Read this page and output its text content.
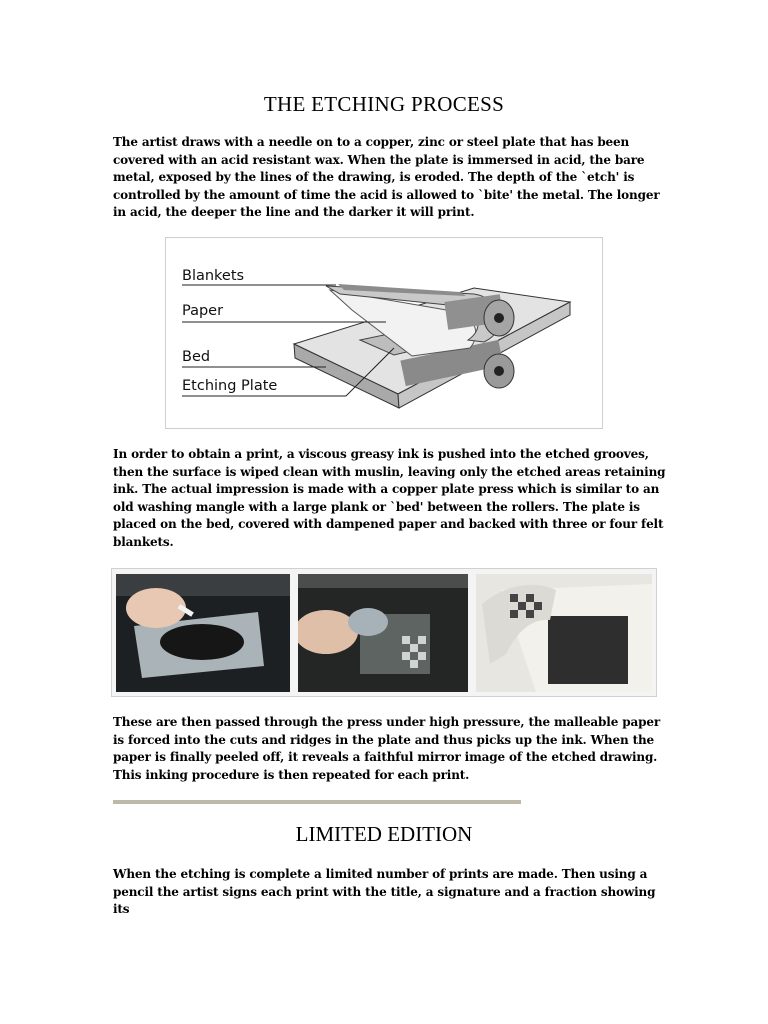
THE ETCHING PROCESS

The artist draws with a needle on to a copper, zinc or steel plate that has been covered with an acid resistant wax. When the plate is immersed in acid, the bare metal, exposed by the lines of the drawing, is eroded. The depth of the `etch' is controlled by the amount of time the acid is allowed to `bite' the metal. The longer in acid, the deeper the line and the darker it will print.

Blankets
Paper
Bed
Etching Plate

In order to obtain a print, a viscous greasy ink is pushed into the etched grooves, then the surface is wiped clean with muslin, leaving only the etched areas retaining ink. The actual impression is made with a copper plate press which is similar to an old washing mangle with a large plank or `bed' between the rollers. The plate is placed on the bed, covered with dampened paper and backed with three or four felt blankets.

These are then passed through the press under high pressure, the malleable paper is forced into the cuts and ridges in the plate and thus picks up the ink. When the paper is finally peeled off, it reveals a faithful mirror image of the etched drawing. This inking procedure is then repeated for each print.

LIMITED EDITION

When the etching is complete a limited number of prints are made. Then using a pencil the artist signs each print with the title, a signature and a fraction showing its
